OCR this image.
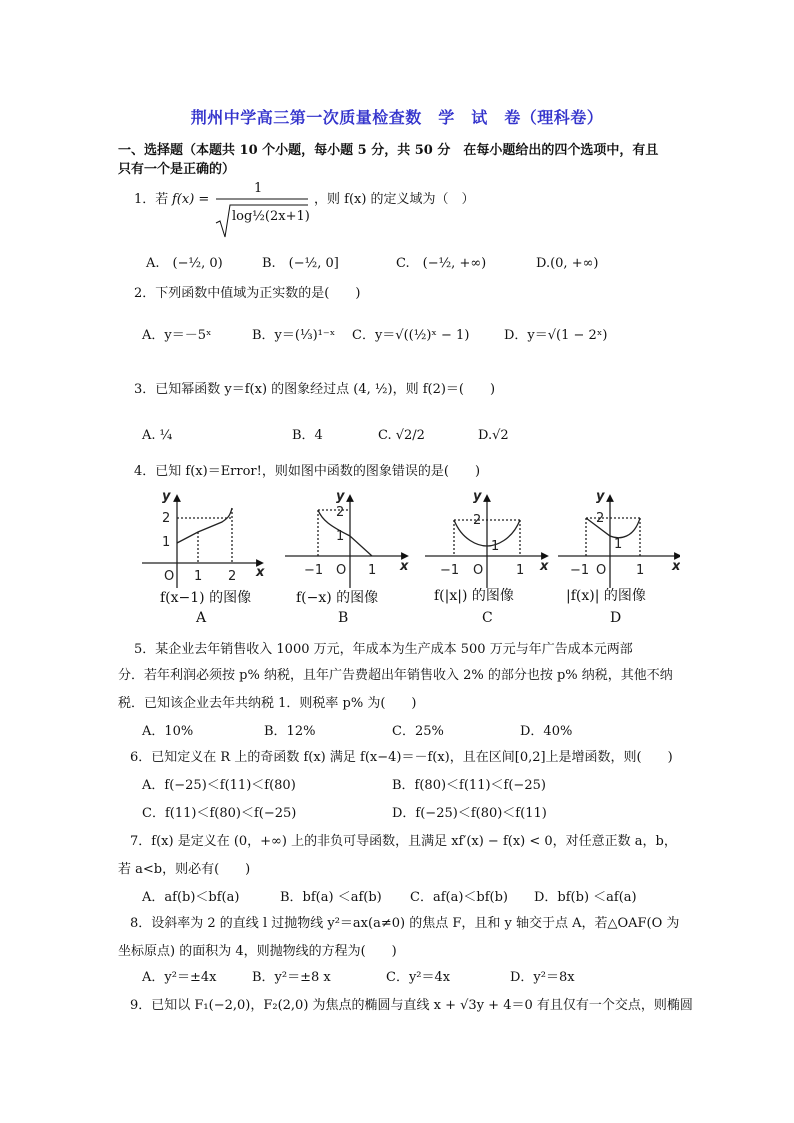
荆州中学高三第一次质量检查数　学　试　卷（理科卷）
一、选择题（本题共 10 个小题，每小题 5 分，共 50 分　在每小题给出的四个选项中，有且
只有一个是正确的）
1．若 f(x) =
1
log½(2x+1)
，则 f(x) 的定义域为（　）
A.　(−½, 0)	B.　(−½, 0]	C.　(−½, +∞)	D.(0, +∞)
2．下列函数中值域为正实数的是(　　)
A．y＝－5ˣ	B．y＝(⅓)¹⁻ˣ C．y＝√((½)ˣ − 1)	D．y＝√(1 − 2ˣ)
3．已知幂函数 y＝f(x) 的图象经过点 (4, ½)，则 f(2)＝(　　)
A. ¼	B．4	C. √2/2	D.√2
4．已知 f(x)＝Error!，则如图中函数的图象错误的是(　　)
y
2
1
O 1 2 x
y
2
1
−1 O 1 x
y
2
1
−1 O	1 x
y
2
1
−1 O 1 x
f(x−1) 的图像
A
f(−x) 的图像
B
f(|x|) 的图像
C
|f(x)| 的图像
D
5．某企业去年销售收入 1000 万元，年成本为生产成本 500 万元与年广告成本元两部
分．若年利润必须按 p% 纳税，且年广告费超出年销售收入 2% 的部分也按 p% 纳税，其他不纳
税．已知该企业去年共纳税 1．则税率 p% 为(　　)
A．10%	B．12%	C．25%	D．40%
6．已知定义在 R 上的奇函数 f(x) 满足 f(x−4)＝－f(x)，且在区间[0,2]上是增函数，则(　　)
A．f(−25)＜f(11)＜f(80)	B．f(80)＜f(11)＜f(−25)
C．f(11)＜f(80)＜f(−25)	D．f(−25)＜f(80)＜f(11)
7．f(x) 是定义在 (0，+∞) 上的非负可导函数，且满足 xf′(x) − f(x) < 0，对任意正数 a，b，
若 a<b，则必有(　　)
A．af(b)＜bf(a)	B．bf(a) ＜af(b) C．af(a)＜bf(b) D．bf(b) ＜af(a)
8．设斜率为 2 的直线 l 过抛物线 y²＝ax(a≠0) 的焦点 F，且和 y 轴交于点 A，若△OAF(O 为
坐标原点) 的面积为 4，则抛物线的方程为(　　)
A．y²＝±4x	B．y²＝±8 x	C．y²＝4x	D．y²＝8x
9．已知以 F₁(−2,0)，F₂(2,0) 为焦点的椭圆与直线 x + √3y + 4＝0 有且仅有一个交点，则椭圆
